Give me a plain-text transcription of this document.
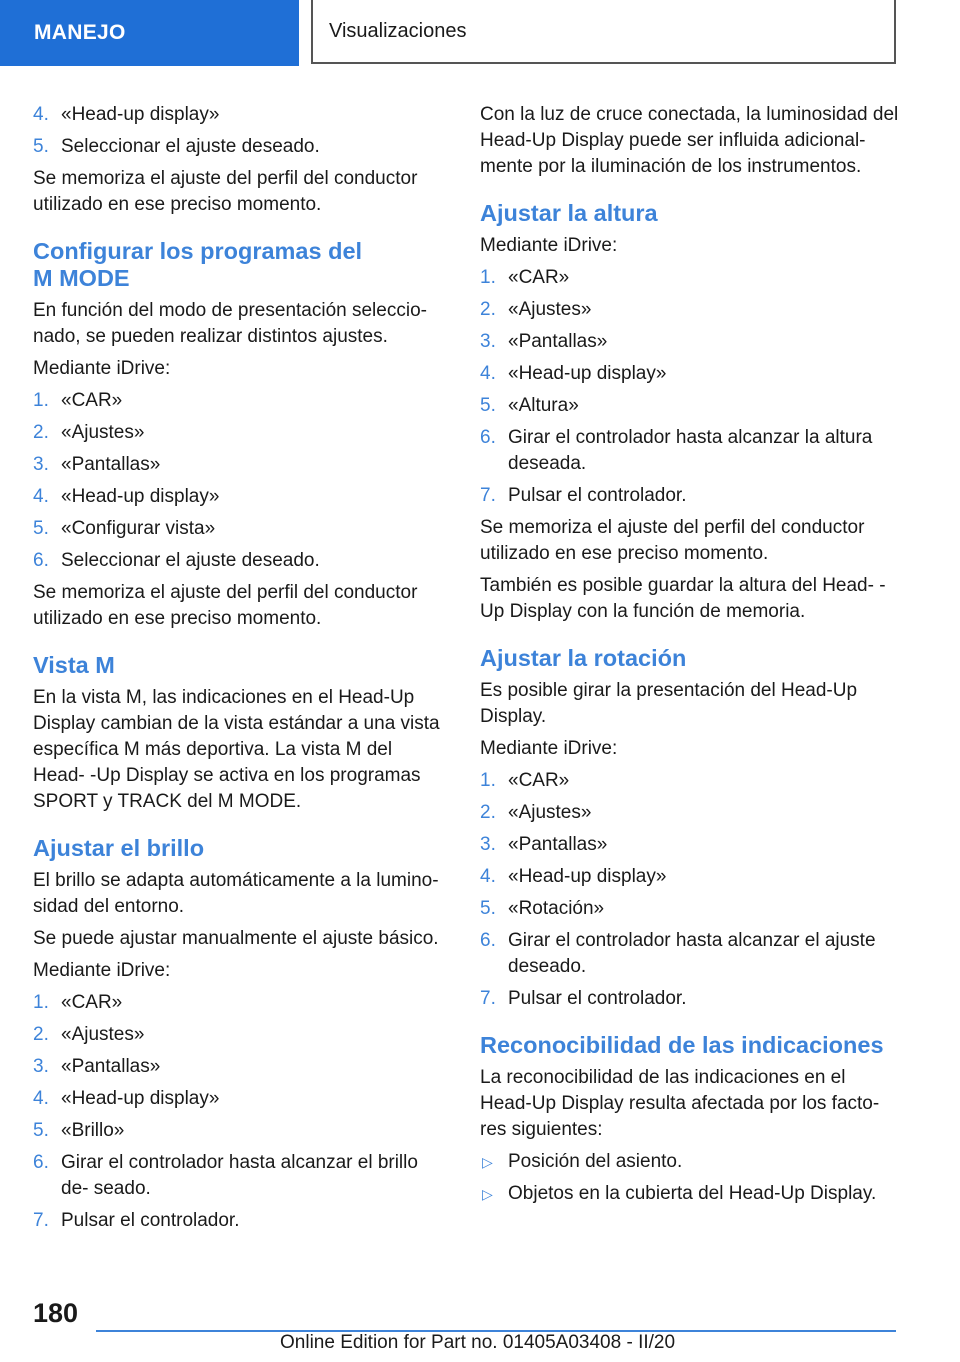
MANEJO	Visualizaciones
4. «Head-up display»
5. Seleccionar el ajuste deseado.

Se memoriza el ajuste del perfil del conductor utilizado en ese preciso momento.

Configurar los programas del
M MODE

En función del modo de presentación seleccio- nado, se pueden realizar distintos ajustes.

Mediante iDrive:

1. «CAR»
2. «Ajustes»
3. «Pantallas»
4. «Head-up display»
5. «Configurar vista»
6. Seleccionar el ajuste deseado.

Se memoriza el ajuste del perfil del conductor utilizado en ese preciso momento.

Vista M

En la vista M, las indicaciones en el Head-Up Display cambian de la vista estándar a una vista específica M más deportiva. La vista M del Head- -Up Display se activa en los programas SPORT y TRACK del M MODE.

Ajustar el brillo

El brillo se adapta automáticamente a la lumino- sidad del entorno.

Se puede ajustar manualmente el ajuste básico.

Mediante iDrive:

1. «CAR»
2. «Ajustes»
3. «Pantallas»
4. «Head-up display»
5. «Brillo»
6. Girar el controlador hasta alcanzar el brillo de- seado.
7. Pulsar el controlador.

Con la luz de cruce conectada, la luminosidad del Head-Up Display puede ser influida adicional- mente por la iluminación de los instrumentos.

Ajustar la altura

Mediante iDrive:

1. «CAR»
2. «Ajustes»
3. «Pantallas»
4. «Head-up display»
5. «Altura»
6. Girar el controlador hasta alcanzar la altura deseada.
7. Pulsar el controlador.

Se memoriza el ajuste del perfil del conductor utilizado en ese preciso momento.

También es posible guardar la altura del Head- -Up Display con la función de memoria.

Ajustar la rotación

Es posible girar la presentación del Head-Up Display.

Mediante iDrive:

1. «CAR»
2. «Ajustes»
3. «Pantallas»
4. «Head-up display»
5. «Rotación»
6. Girar el controlador hasta alcanzar el ajuste deseado.
7. Pulsar el controlador.
Reconocibilidad de las indicaciones

La reconocibilidad de las indicaciones en el Head-Up Display resulta afectada por los facto- res siguientes:

▷ Posición del asiento.
▷ Objetos en la cubierta del Head-Up Display.
180
Online Edition for Part no. 01405A03408 - II/20
